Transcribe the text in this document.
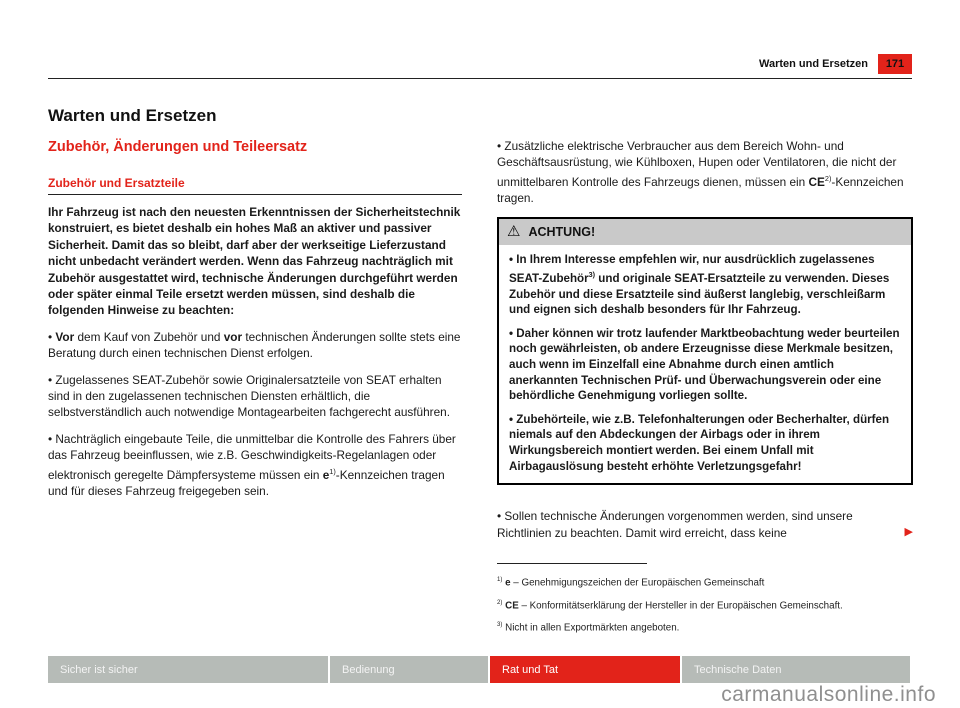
Warten und Ersetzen	171
Warten und Ersetzen
Zubehör, Änderungen und Teileersatz
Zubehör und Ersatzteile

Ihr Fahrzeug ist nach den neuesten Erkenntnissen der Sicherheitstechnik konstruiert, es bietet deshalb ein hohes Maß an aktiver und passiver Sicherheit. Damit das so bleibt, darf aber der werkseitige Lieferzustand nicht unbedacht verändert werden. Wenn das Fahrzeug nachträglich mit Zubehör ausgestattet wird, technische Änderungen durchgeführt werden oder später einmal Teile ersetzt werden müssen, sind deshalb die folgenden Hinweise zu beachten:

• Vor dem Kauf von Zubehör und vor technischen Änderungen sollte stets eine Beratung durch einen technischen Dienst erfolgen.

• Zugelassenes SEAT-Zubehör sowie Originalersatzteile von SEAT erhalten sind in den zugelassenen technischen Diensten erhältlich, die selbstverständlich auch notwendige Montagearbeiten fachgerecht ausführen.

• Nachträglich eingebaute Teile, die unmittelbar die Kontrolle des Fahrers über das Fahrzeug beeinflussen, wie z.B. Geschwindigkeits-Regelanlagen oder elektronisch geregelte Dämpfersysteme müssen ein $e^{1)}$-Kennzeichen tragen und für dieses Fahrzeug freigegeben sein.

• Zusätzliche elektrische Verbraucher aus dem Bereich Wohn- und Geschäftsausrüstung, wie Kühlboxen, Hupen oder Ventilatoren, die nicht der unmittelbaren Kontrolle des Fahrzeugs dienen, müssen ein CE$^{2)}$-Kennzeichen tragen.

⚠ ACHTUNG!

• In Ihrem Interesse empfehlen wir, nur ausdrücklich zugelassenes SEAT-Zubehör$^{3)}$ und originale SEAT-Ersatzteile zu verwenden. Dieses Zubehör und diese Ersatzteile sind äußerst langlebig, verschleißarm und eignen sich deshalb besonders für Ihr Fahrzeug.

• Daher können wir trotz laufender Marktbeobachtung weder beurteilen noch gewährleisten, ob andere Erzeugnisse diese Merkmale besitzen, auch wenn im Einzelfall eine Abnahme durch einen amtlich anerkannten Technischen Prüf- und Überwachungsverein oder eine behördliche Genehmigung vorliegen sollte.

• Zubehörteile, wie z.B. Telefonhalterungen oder Becherhalter, dürfen niemals auf den Abdeckungen der Airbags oder in ihrem Wirkungsbereich montiert werden. Bei einem Unfall mit Airbagauslösung besteht erhöhte Verletzungsgefahr!

• Sollen technische Änderungen vorgenommen werden, sind unsere Richtlinien zu beachten. Damit wird erreicht, dass keine	▶

$^{1)}$ e – Genehmigungszeichen der Europäischen Gemeinschaft

$^{2)}$ CE – Konformitätserklärung der Hersteller in der Europäischen Gemeinschaft.

$^{3)}$ Nicht in allen Exportmärkten angeboten.

Sicher ist sicher	Bedienung	Rat und Tat	Technische Daten
carmanualsonline.info
